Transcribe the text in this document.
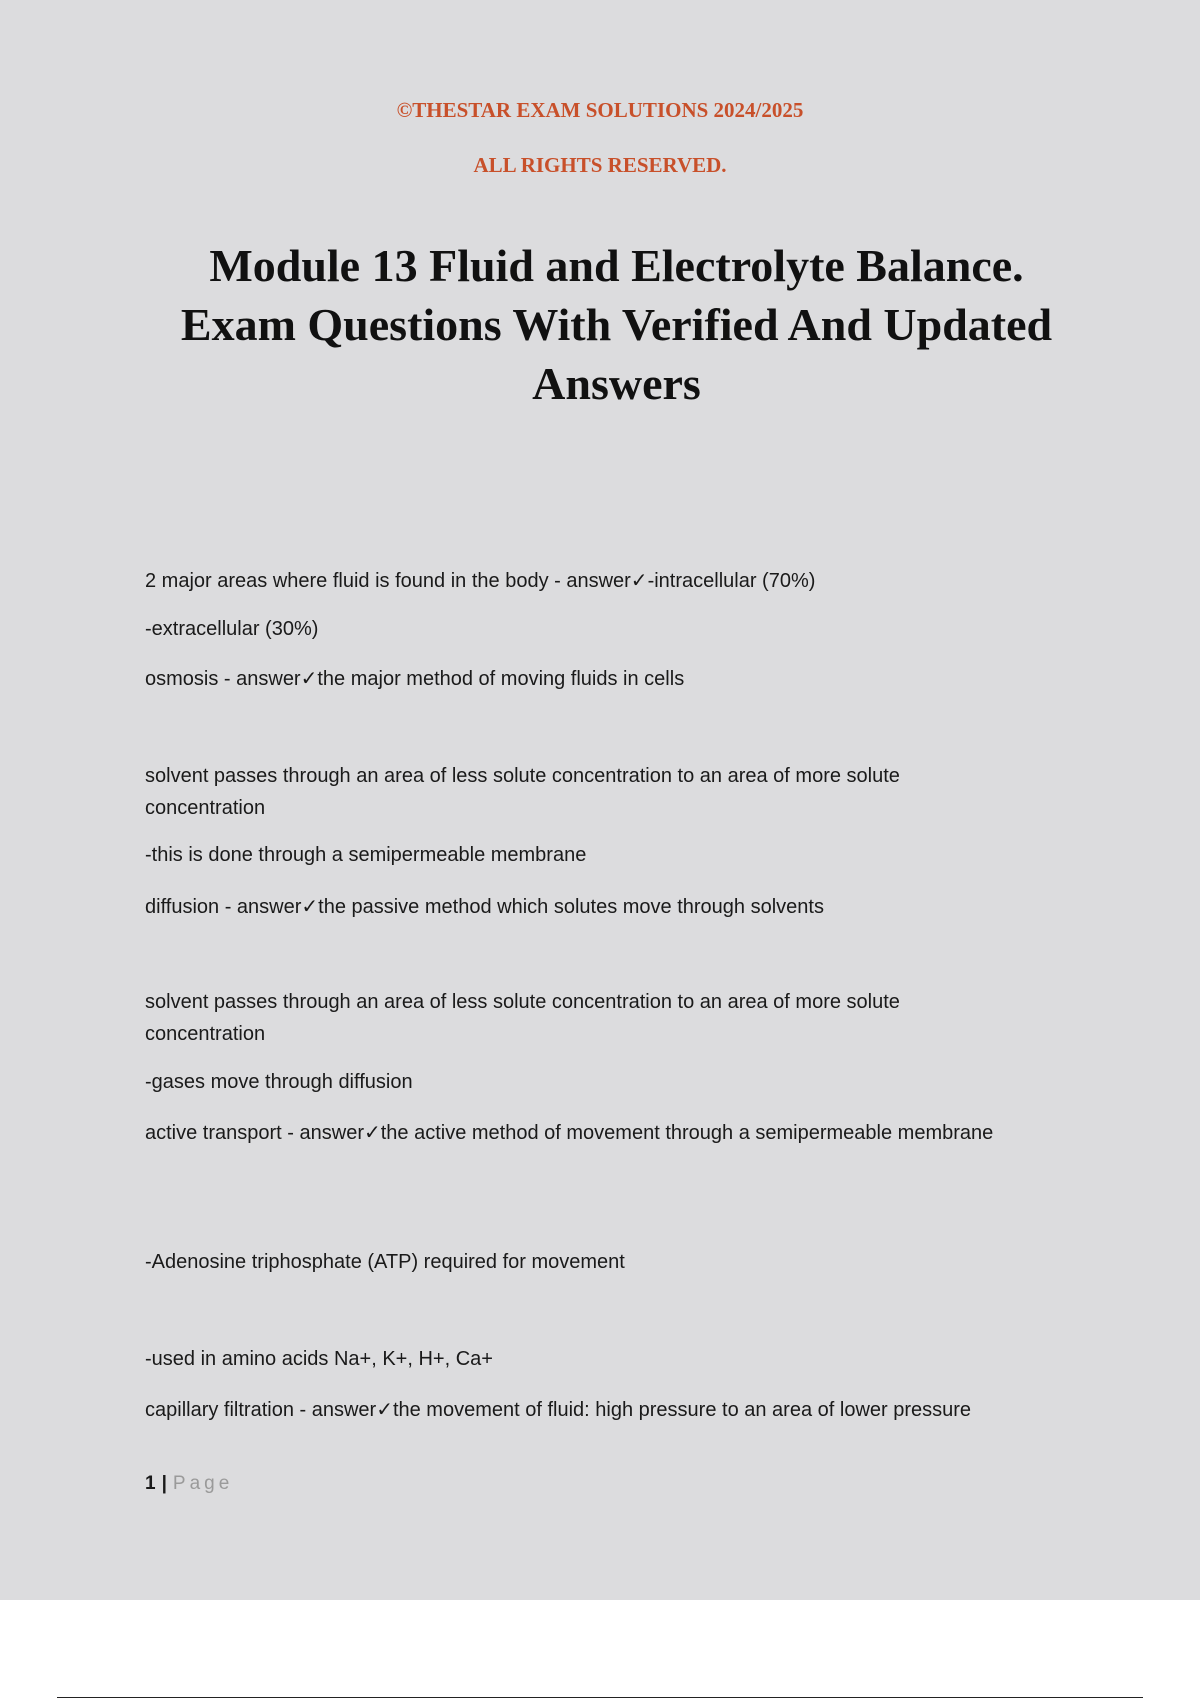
©THESTAR EXAM SOLUTIONS 2024/2025
ALL RIGHTS RESERVED.
Module 13 Fluid and Electrolyte Balance.
Exam Questions With Verified And Updated
Answers

2 major areas where fluid is found in the body - answer✓-intracellular (70%)

-extracellular (30%)

osmosis - answer✓the major method of moving fluids in cells

solvent passes through an area of less solute concentration to an area of more solute concentration

-this is done through a semipermeable membrane

diffusion - answer✓the passive method which solutes move through solvents

solvent passes through an area of less solute concentration to an area of more solute concentration

-gases move through diffusion

active transport - answer✓the active method of movement through a semipermeable membrane

-Adenosine triphosphate (ATP) required for movement

-used in amino acids Na+, K+, H+, Ca+

capillary filtration - answer✓the movement of fluid: high pressure to an area of lower pressure

1 | Page
